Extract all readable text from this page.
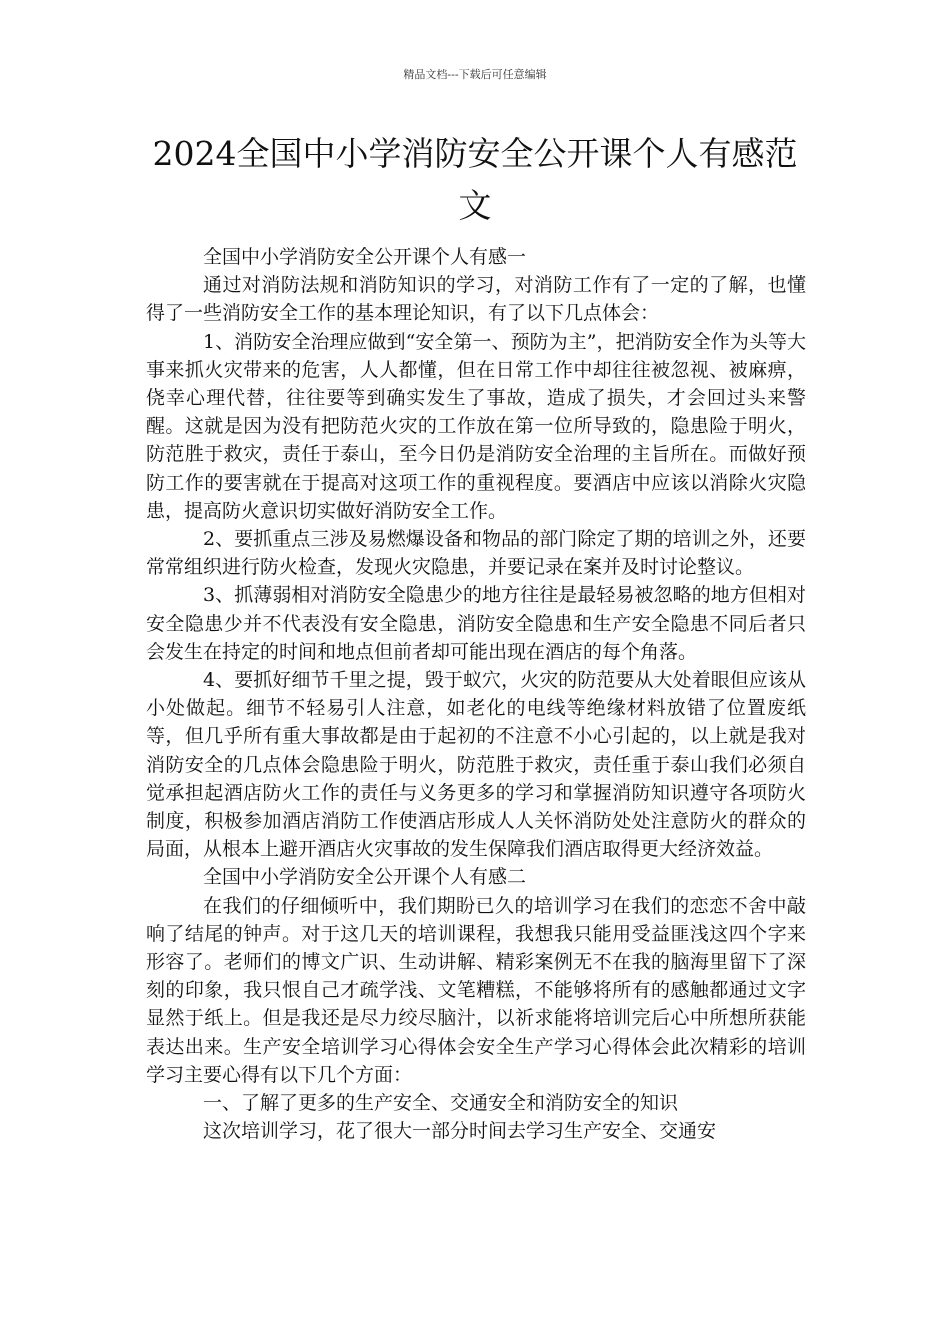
精品文档---下载后可任意编辑
2024全国中小学消防安全公开课个人有感范文

全国中小学消防安全公开课个人有感一

通过对消防法规和消防知识的学习，对消防工作有了一定的了解，也懂得了一些消防安全工作的基本理论知识，有了以下几点体会：

1、消防安全治理应做到“安全第一、预防为主”，把消防安全作为头等大事来抓火灾带来的危害，人人都懂，但在日常工作中却往往被忽视、被麻痹，侥幸心理代替，往往要等到确实发生了事故，造成了损失，才会回过头来警醒。这就是因为没有把防范火灾的工作放在第一位所导致的，隐患险于明火，防范胜于救灾，责任于泰山，至今日仍是消防安全治理的主旨所在。而做好预防工作的要害就在于提高对这项工作的重视程度。要酒店中应该以消除火灾隐患，提高防火意识切实做好消防安全工作。

2、要抓重点三涉及易燃爆设备和物品的部门除定了期的培训之外，还要常常组织进行防火检查，发现火灾隐患，并要记录在案并及时讨论整议。

3、抓薄弱相对消防安全隐患少的地方往往是最轻易被忽略的地方但相对安全隐患少并不代表没有安全隐患，消防安全隐患和生产安全隐患不同后者只会发生在持定的时间和地点但前者却可能出现在酒店的每个角落。

4、要抓好细节千里之提，毁于蚁穴，火灾的防范要从大处着眼但应该从小处做起。细节不轻易引人注意，如老化的电线等绝缘材料放错了位置废纸等，但几乎所有重大事故都是由于起初的不注意不小心引起的，以上就是我对消防安全的几点体会隐患险于明火，防范胜于救灾，责任重于泰山我们必须自觉承担起酒店防火工作的责任与义务更多的学习和掌握消防知识遵守各项防火制度，积极参加酒店消防工作使酒店形成人人关怀消防处处注意防火的群众的局面，从根本上避开酒店火灾事故的发生保障我们酒店取得更大经济效益。

全国中小学消防安全公开课个人有感二

在我们的仔细倾听中，我们期盼已久的培训学习在我们的恋恋不舍中敲响了结尾的钟声。对于这几天的培训课程，我想我只能用受益匪浅这四个字来形容了。老师们的博文广识、生动讲解、精彩案例无不在我的脑海里留下了深刻的印象，我只恨自己才疏学浅、文笔糟糕，不能够将所有的感触都通过文字显然于纸上。但是我还是尽力绞尽脑汁，以祈求能将培训完后心中所想所获能表达出来。生产安全培训学习心得体会安全生产学习心得体会此次精彩的培训学习主要心得有以下几个方面：

一、了解了更多的生产安全、交通安全和消防安全的知识

这次培训学习，花了很大一部分时间去学习生产安全、交通安
